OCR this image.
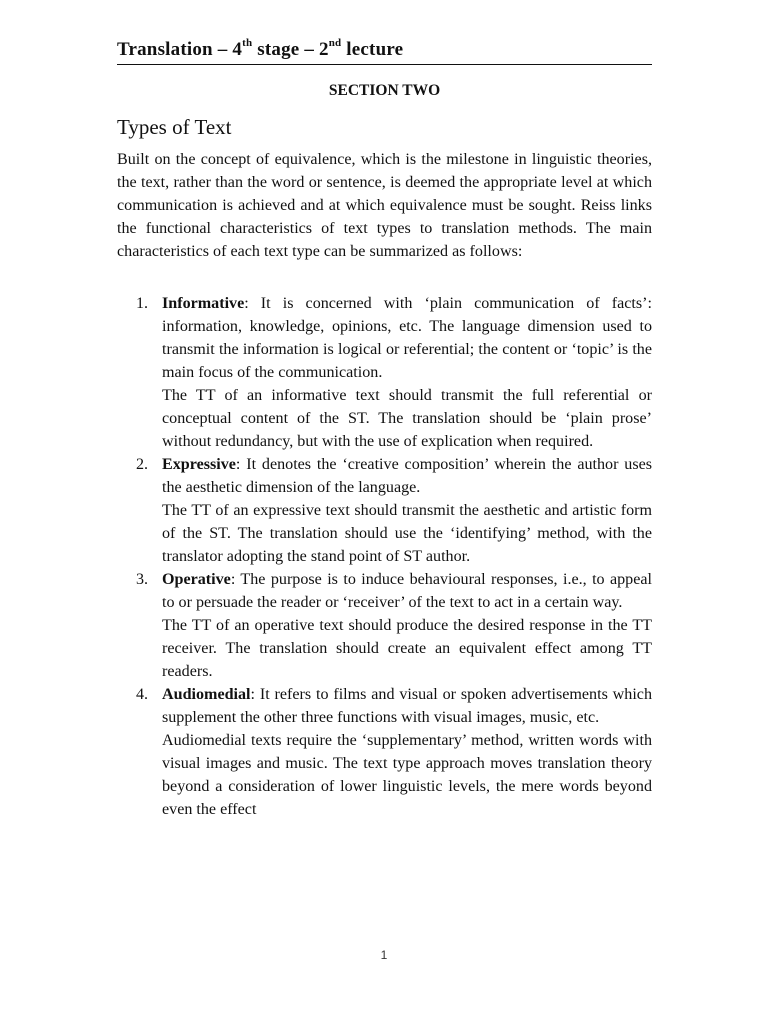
Translation – 4th stage – 2nd lecture
SECTION TWO
Types of Text

Built on the concept of equivalence, which is the milestone in linguistic theories, the text, rather than the word or sentence, is deemed the appropriate level at which communication is achieved and at which equivalence must be sought. Reiss links the functional characteristics of text types to translation methods. The main characteristics of each text type can be summarized as follows:

1. Informative: It is concerned with ‘plain communication of facts’: information, knowledge, opinions, etc. The language dimension used to transmit the information is logical or referential; the content or ‘topic’ is the main focus of the communication.

The TT of an informative text should transmit the full referential or conceptual content of the ST. The translation should be ‘plain prose’ without redundancy, but with the use of explication when required.

2. Expressive: It denotes the ‘creative composition’ wherein the author uses the aesthetic dimension of the language.

The TT of an expressive text should transmit the aesthetic and artistic form of the ST. The translation should use the ‘identifying’ method, with the translator adopting the stand point of ST author.

3. Operative: The purpose is to induce behavioural responses, i.e., to appeal to or persuade the reader or ‘receiver’ of the text to act in a certain way.

The TT of an operative text should produce the desired response in the TT receiver. The translation should create an equivalent effect among TT readers.

4. Audiomedial: It refers to films and visual or spoken advertisements which supplement the other three functions with visual images, music, etc.

Audiomedial texts require the ‘supplementary’ method, written words with visual images and music. The text type approach moves translation theory beyond a consideration of lower linguistic levels, the mere words beyond even the effect

1
